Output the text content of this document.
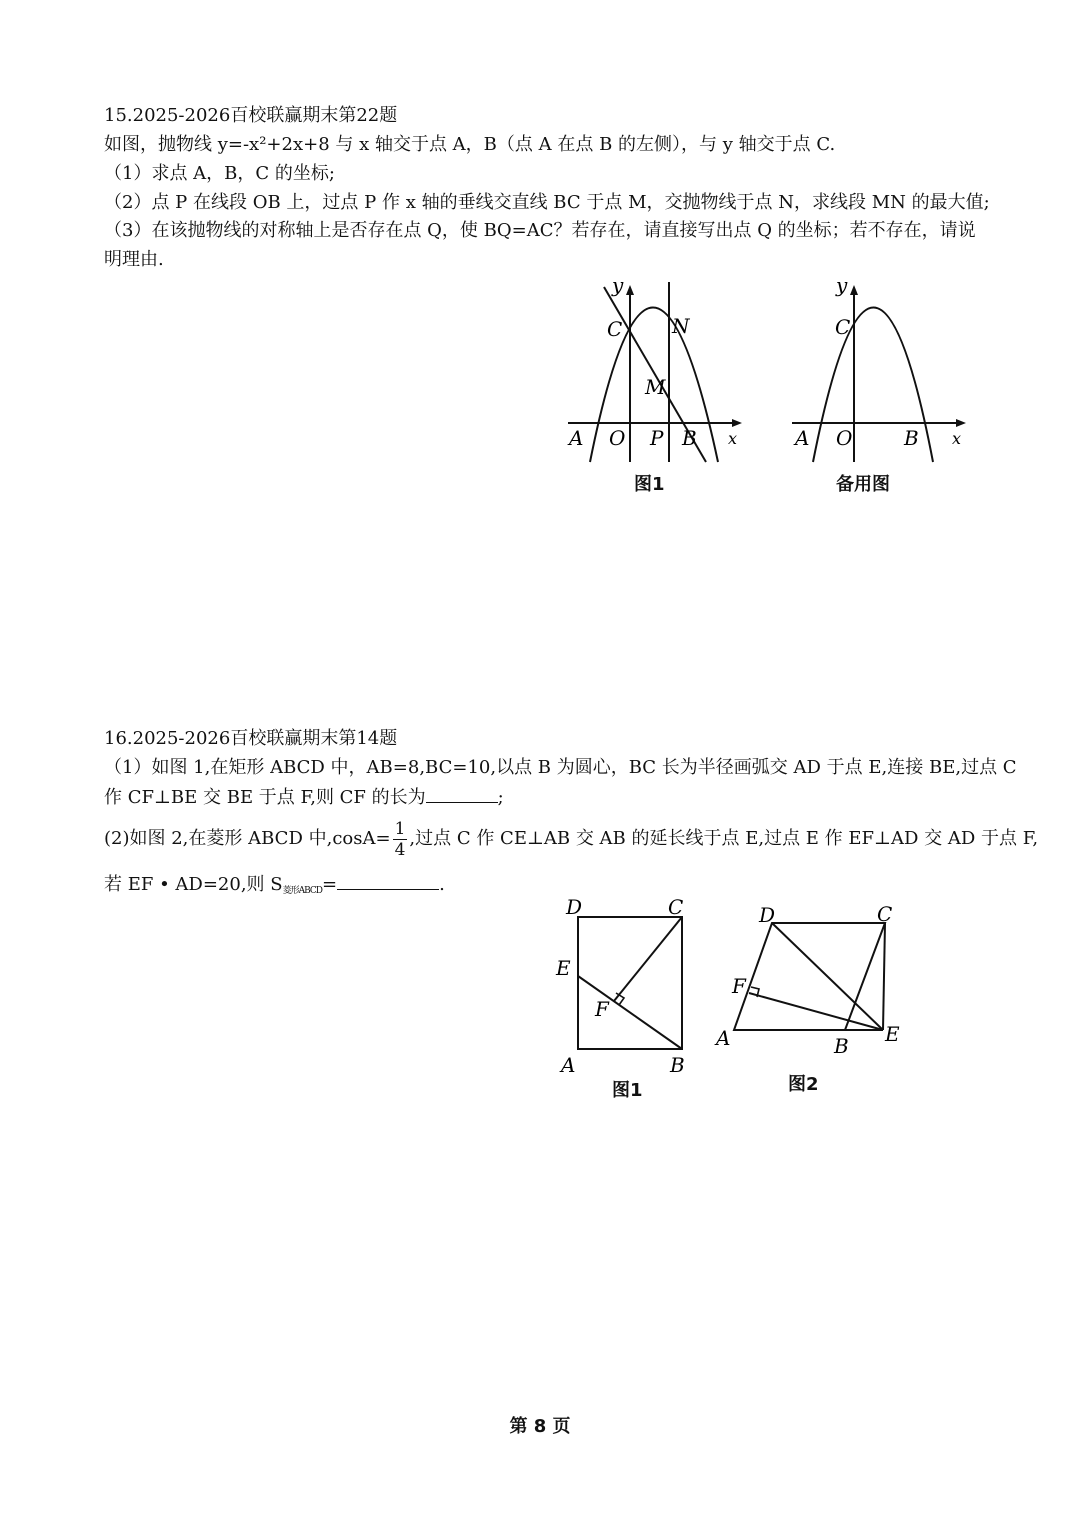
15.2025-2026百校联赢期末第22题
如图，抛物线 y=-x²+2x+8 与 x 轴交于点 A，B（点 A 在点 B 的左侧），与 y 轴交于点 C.
（1）求点 A，B，C 的坐标;
（2）点 P 在线段 OB 上，过点 P 作 x 轴的垂线交直线 BC 于点 M，交抛物线于点 N，求线段 MN 的最大值;
（3）在该抛物线的对称轴上是否存在点 Q，使 BQ=AC？若存在，请直接写出点 Q 的坐标；若不存在，请说
明理由.
y
C N
M
A O P B x
图1
y
C
A O	B x
备用图
16.2025-2026百校联赢期末第14题
（1）如图 1,在矩形 ABCD 中，AB=8,BC=10,以点 B 为圆心，BC 长为半径画弧交 AD 于点 E,连接 BE,过点 C
作 CF⊥BE 交 BE 于点 F,则 CF 的长为	;
(2)如图 2,在菱形 ABCD 中$,\cos A= \frac{1}{4}$ ,过点 C 作 CE⊥AB 交 AB 的延长线于点 E,过点 E 作 EF⊥AD 交 AD 于点 F,
若 EF • AD=20,则 $S_{菱形ABCD}=$	.
D	C
E
F
A	B
图1
D	C
F
A	B E
图2
第 8 页
